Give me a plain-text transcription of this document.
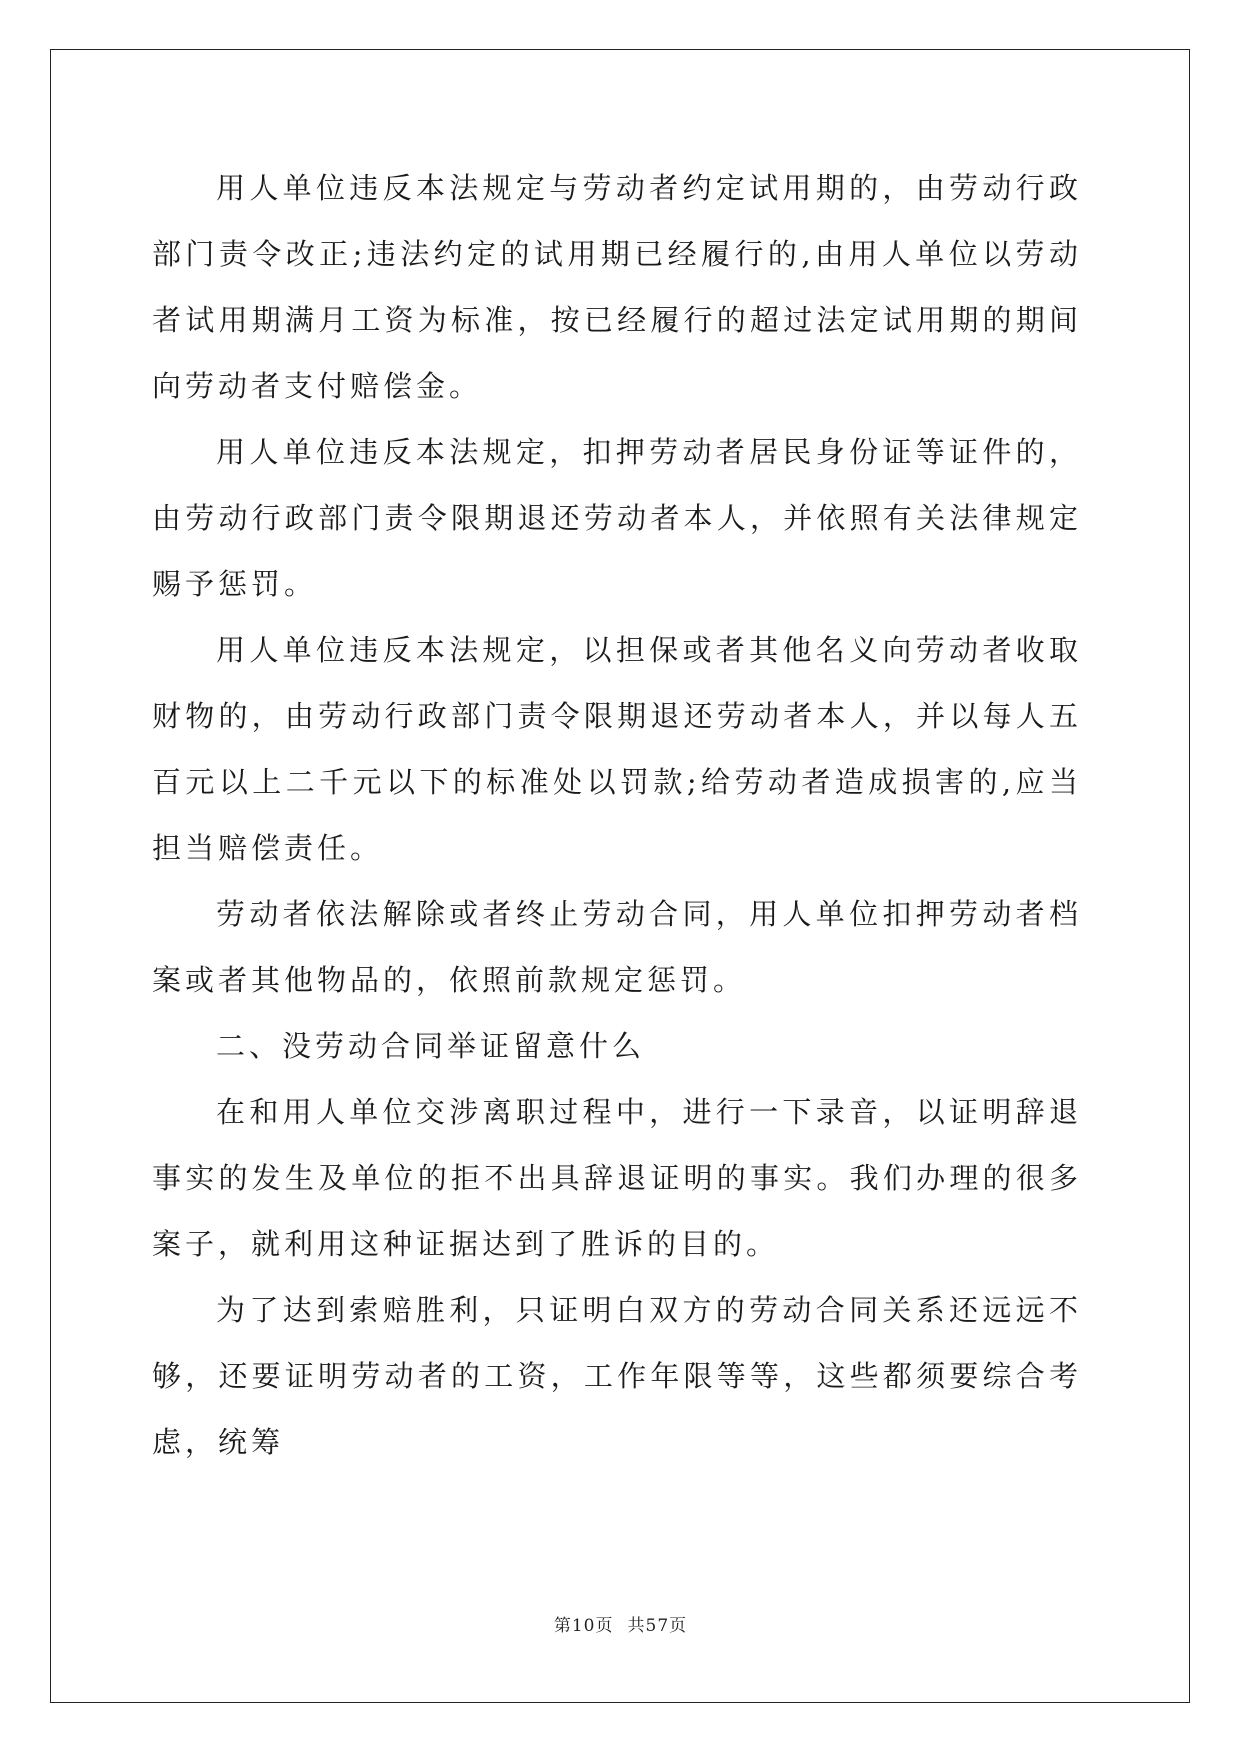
用人单位违反本法规定与劳动者约定试用期的，由劳动行政部门责令改正;违法约定的试用期已经履行的,由用人单位以劳动者试用期满月工资为标准，按已经履行的超过法定试用期的期间向劳动者支付赔偿金。

用人单位违反本法规定，扣押劳动者居民身份证等证件的，由劳动行政部门责令限期退还劳动者本人，并依照有关法律规定赐予惩罚。

用人单位违反本法规定，以担保或者其他名义向劳动者收取财物的，由劳动行政部门责令限期退还劳动者本人，并以每人五百元以上二千元以下的标准处以罚款;给劳动者造成损害的,应当担当赔偿责任。

劳动者依法解除或者终止劳动合同，用人单位扣押劳动者档案或者其他物品的，依照前款规定惩罚。

二、没劳动合同举证留意什么

在和用人单位交涉离职过程中，进行一下录音，以证明辞退事实的发生及单位的拒不出具辞退证明的事实。我们办理的很多案子，就利用这种证据达到了胜诉的目的。

为了达到索赔胜利，只证明白双方的劳动合同关系还远远不够，还要证明劳动者的工资，工作年限等等，这些都须要综合考虑，统筹

第10页 共57页
